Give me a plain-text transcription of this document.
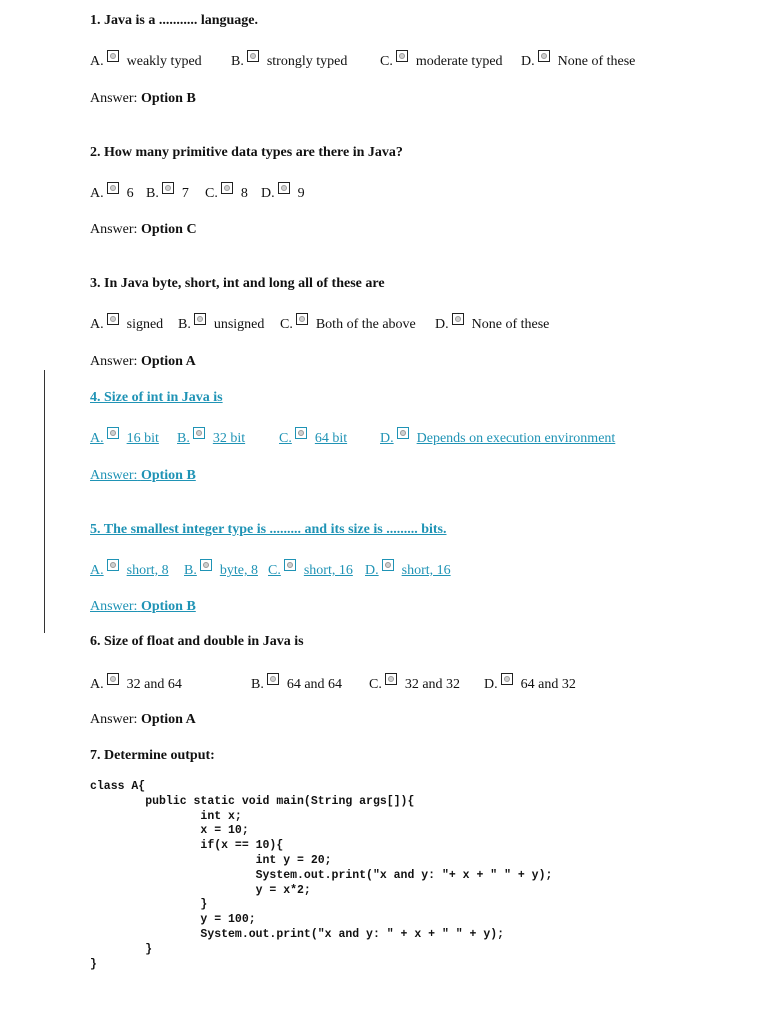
1. Java is a ........... language.
A. weakly typed B. strongly typed C. moderate typed D. None of these
Answer: Option B
2. How many primitive data types are there in Java?
A. 6 B. 7 C. 8 D. 9
Answer: Option C
3. In Java byte, short, int and long all of these are
A. signed B. unsigned C. Both of the above D. None of these
Answer: Option A
4. Size of int in Java is
A. 16 bit B. 32 bit C. 64 bit D. Depends on execution environment
Answer: Option B
5. The smallest integer type is ......... and its size is ......... bits.
A. short, 8 B. byte, 8 C. short, 16 D. short, 16
Answer: Option B
6. Size of float and double in Java is
A. 32 and 64	B. 64 and 64 C. 32 and 32 D. 64 and 32
Answer: Option A
7. Determine output:
class A{
public static void main(String args[]){
int x;
x = 10;
if(x == 10){
int y = 20;
System.out.print("x and y: "+ x + " " + y);
y = x*2;
}
y = 100;
System.out.print("x and y: " + x + " " + y);
}
}
